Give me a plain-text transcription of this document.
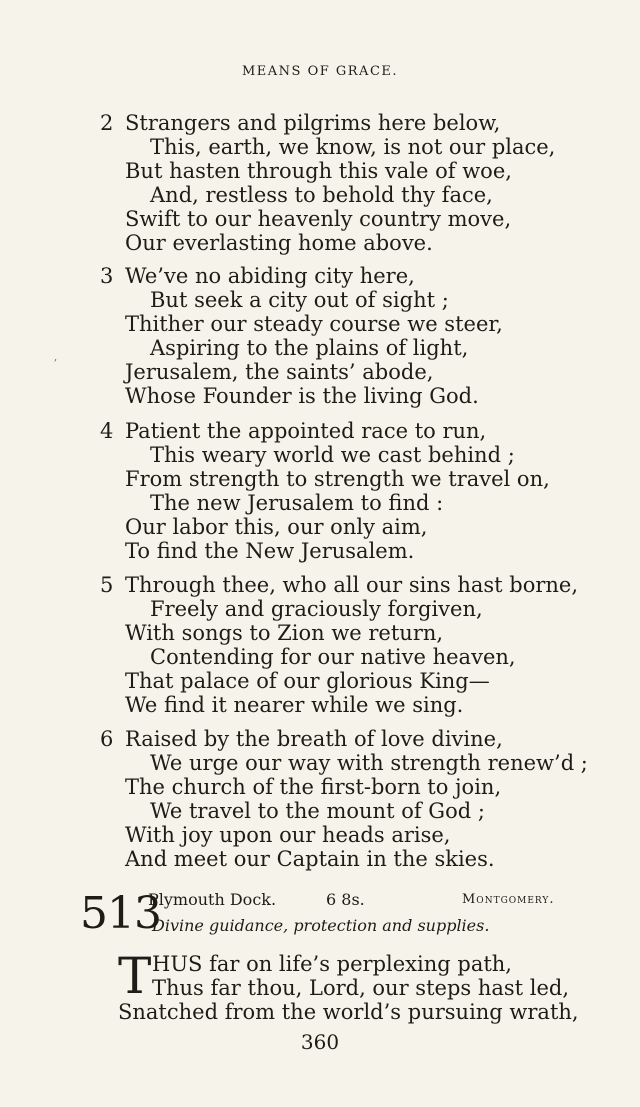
MEANS OF GRACE.
,
2 Strangers and pilgrims here below,
This, earth, we know, is not our place,
But hasten through this vale of woe,
And, restless to behold thy face,
Swift to our heavenly country move,
Our everlasting home above.
3 We’ve no abiding city here,
But seek a city out of sight ;
Thither our steady course we steer,
Aspiring to the plains of light,
Jerusalem, the saints’ abode,
Whose Founder is the living God.
4 Patient the appointed race to run,
This weary world we cast behind ;
From strength to strength we travel on,
The new Jerusalem to find :
Our labor this, our only aim,
To find the New Jerusalem.
5 Through thee, who all our sins hast borne,
Freely and graciously forgiven,
With songs to Zion we return,
Contending for our native heaven,
That palace of our glorious King—
We find it nearer while we sing.
6 Raised by the breath of love divine,
We urge our way with strength renew’d ;
The church of the first-born to join,
We travel to the mount of God ;
With joy upon our heads arise,
And meet our Captain in the skies.
513
Plymouth Dock.	6 8s.	Montgomery.
Divine guidance, protection and supplies.
T HUS far on life’s perplexing path,
Thus far thou, Lord, our steps hast led,
Snatched from the world’s pursuing wrath,
360
